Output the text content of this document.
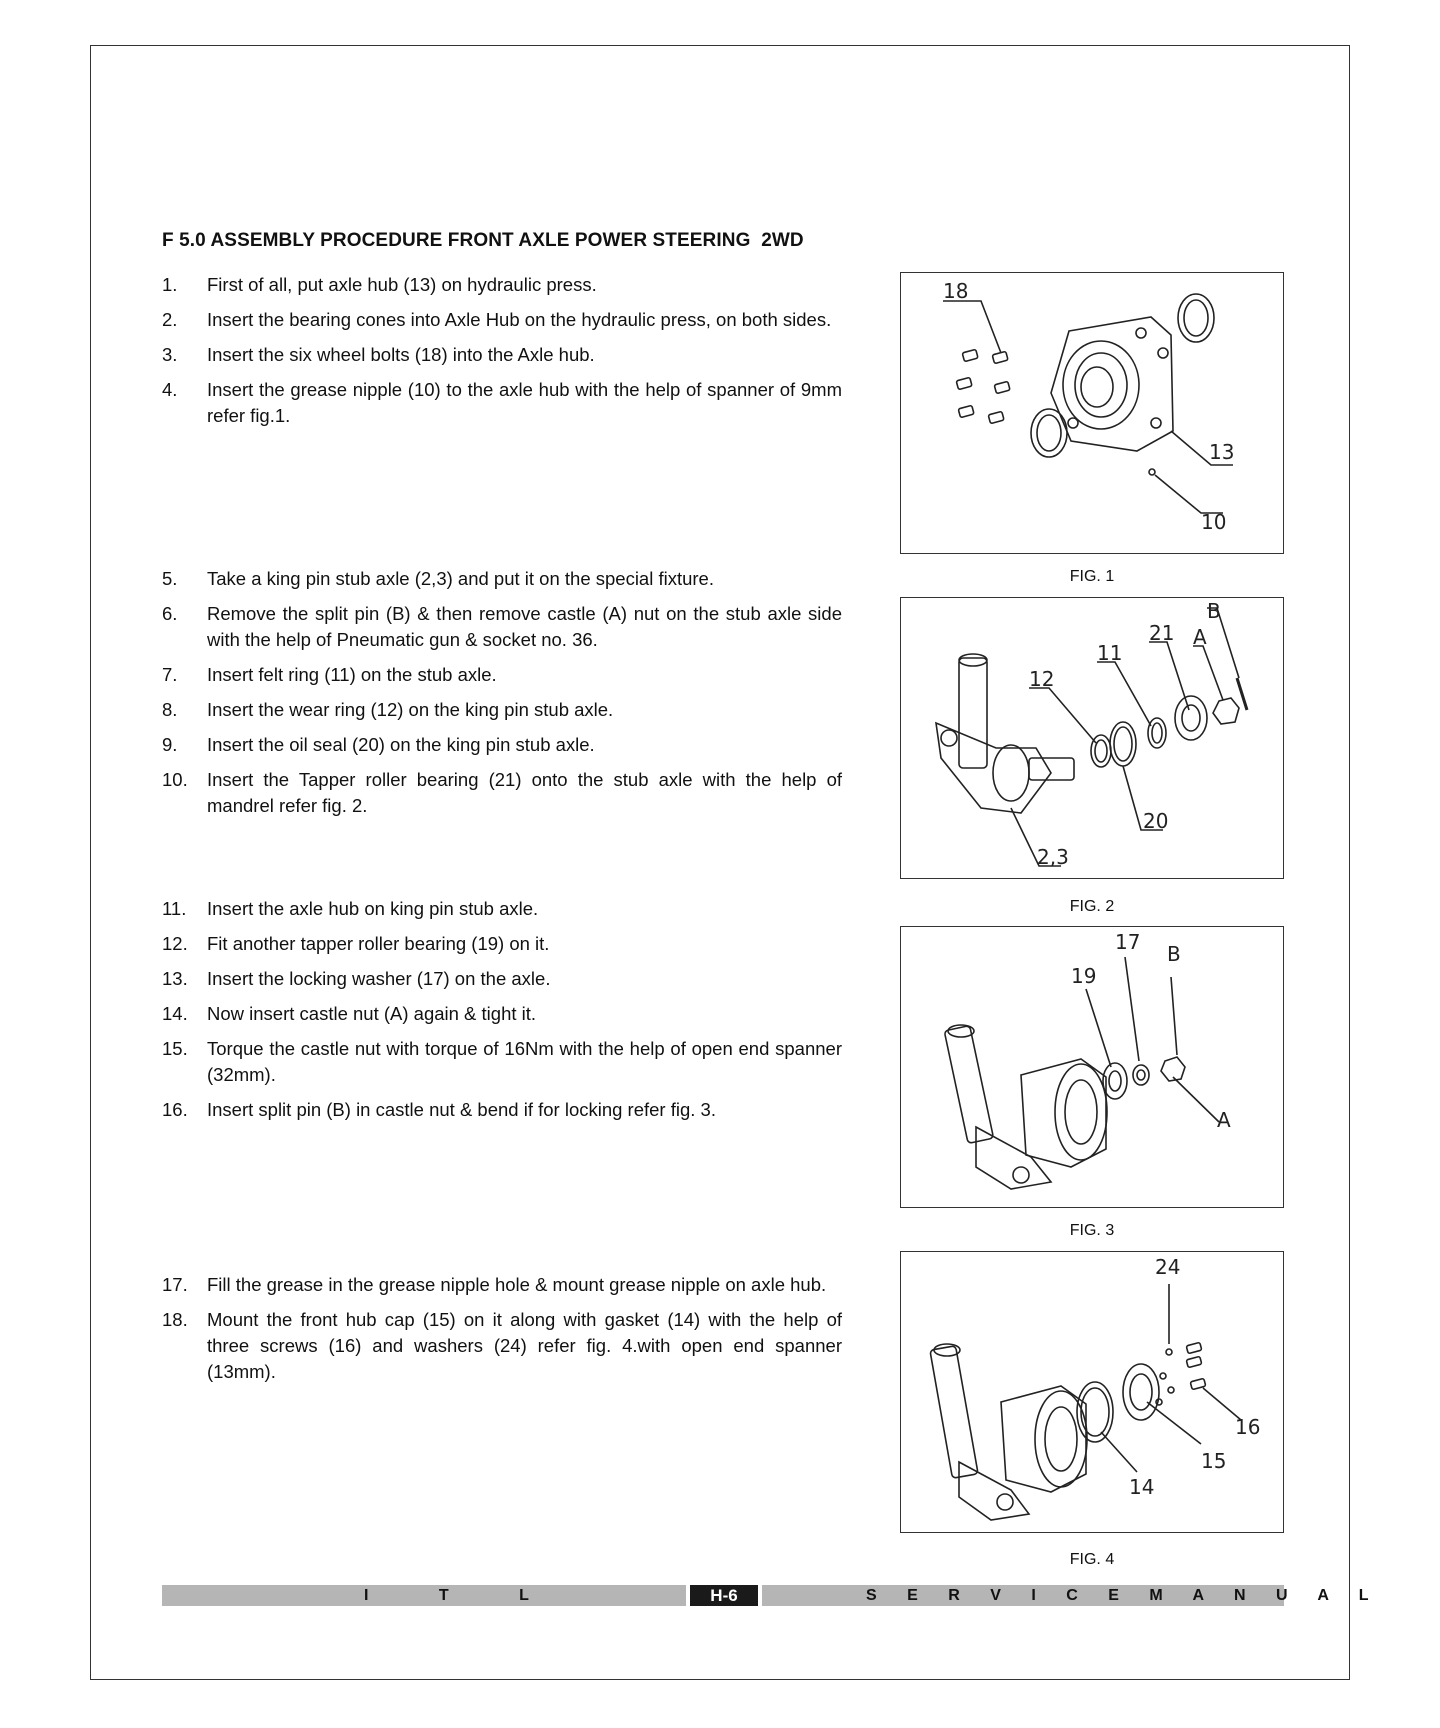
F 5.0 ASSEMBLY PROCEDURE FRONT AXLE POWER STEERING  2WD
1. First of all, put axle hub (13) on hydraulic press.
2. Insert the bearing cones into Axle Hub on the hydraulic press, on both sides.
3. Insert the six wheel bolts (18) into the Axle hub.
4. Insert the grease nipple (10) to the axle hub with the help of spanner of 9mm refer fig.1.
5. Take a king pin stub axle (2,3) and put it on the special fixture.
6. Remove the split pin (B) & then remove castle (A) nut on the stub axle side with the help of Pneumatic gun & socket no. 36.
7. Insert felt ring (11) on the stub axle.
8. Insert the wear ring (12) on the king pin stub axle.
9. Insert the oil seal (20) on the king pin stub axle.
10. Insert the Tapper roller bearing (21) onto the stub axle with the help of mandrel refer fig. 2.
11. Insert the axle hub on king pin stub axle.
12. Fit another tapper roller bearing (19) on it.
13. Insert the locking washer (17) on the axle.
14. Now insert castle nut (A) again & tight it.
15. Torque the castle nut with torque of 16Nm with the help of open end spanner (32mm).
16. Insert split pin (B) in castle nut & bend if for locking refer fig. 3.
17. Fill the grease in the grease nipple hole & mount grease nipple on axle hub.
18. Mount the front hub cap (15) on it along with gasket (14) with the help of three screws (16) and washers (24) refer fig. 4.with open end spanner (13mm).
18
13
10
FIG. 1
B
21 A
11
12
20
2,3
FIG. 2
17 B
19
A
FIG. 3
24
16
15
14
FIG. 4
I T L	H-6	S E R V I C E M A N U A L
